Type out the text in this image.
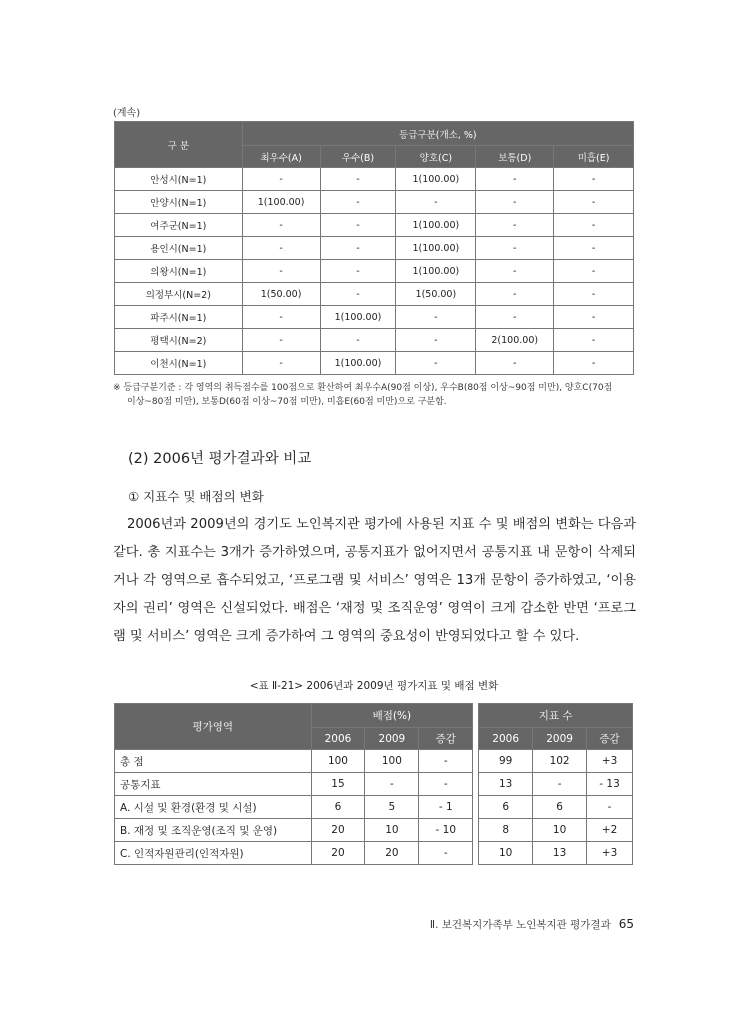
(계속)
구 분	등급구분(개소, %)				
	최우수(A)	우수(B)	양호(C)	보통(D)	미흡(E)
안성시(N=1)	-	-	1(100.00)	-	-
안양시(N=1)	1(100.00)	-	-	-	-
여주군(N=1)	-	-	1(100.00)	-	-
용인시(N=1)	-	-	1(100.00)	-	-
의왕시(N=1)	-	-	1(100.00)	-	-
의정부시(N=2)	1(50.00)	-	1(50.00)	-	-
파주시(N=1)	-	1(100.00)	-	-	-
평택시(N=2)	-	-	-	2(100.00)	-
이천시(N=1)	-	1(100.00)	-	-	-
※ 등급구분기준 : 각 영역의 취득점수를 100점으로 환산하여 최우수A(90점 이상), 우수B(80점 이상~90점 미만), 양호C(70점
이상~80점 미만), 보통D(60점 이상~70점 미만), 미흡E(60점 미만)으로 구분함.
(2) 2006년 평가결과와 비교
① 지표수 및 배점의 변화

2006년과 2009년의 경기도 노인복지관 평가에 사용된 지표 수 및 배점의 변화는 다음과 같다. 총 지표수는 3개가 증가하였으며, 공통지표가 없어지면서 공통지표 내 문항이 삭제되거나 각 영역으로 흡수되었고, ‘프로그램 및 서비스’ 영역은 13개 문항이 증가하였고, ‘이용자의 권리’ 영역은 신설되었다. 배점은 ‘재정 및 조직운영’ 영역이 크게 감소한 반면 ‘프로그램 및 서비스’ 영역은 크게 증가하여 그 영역의 중요성이 반영되었다고 할 수 있다.

<표 Ⅱ-21> 2006년과 2009년 평가지표 및 배점 변화
평가영역	배점(%)				지표 수		
	2006	2009	증감		2006	2009	증감
총 점	100	100	-		99	102	+3
공통지표	15	-	-		13	-	- 13
A. 시설 및 환경(환경 및 시설)	6	5	- 1		6	6	-
B. 재정 및 조직운영(조직 및 운영)	20	10	- 10		8	10	+2
C. 인적자원관리(인적자원)	20	20	-		10	13	+3
Ⅱ. 보건복지가족부 노인복지관 평가결과 65
